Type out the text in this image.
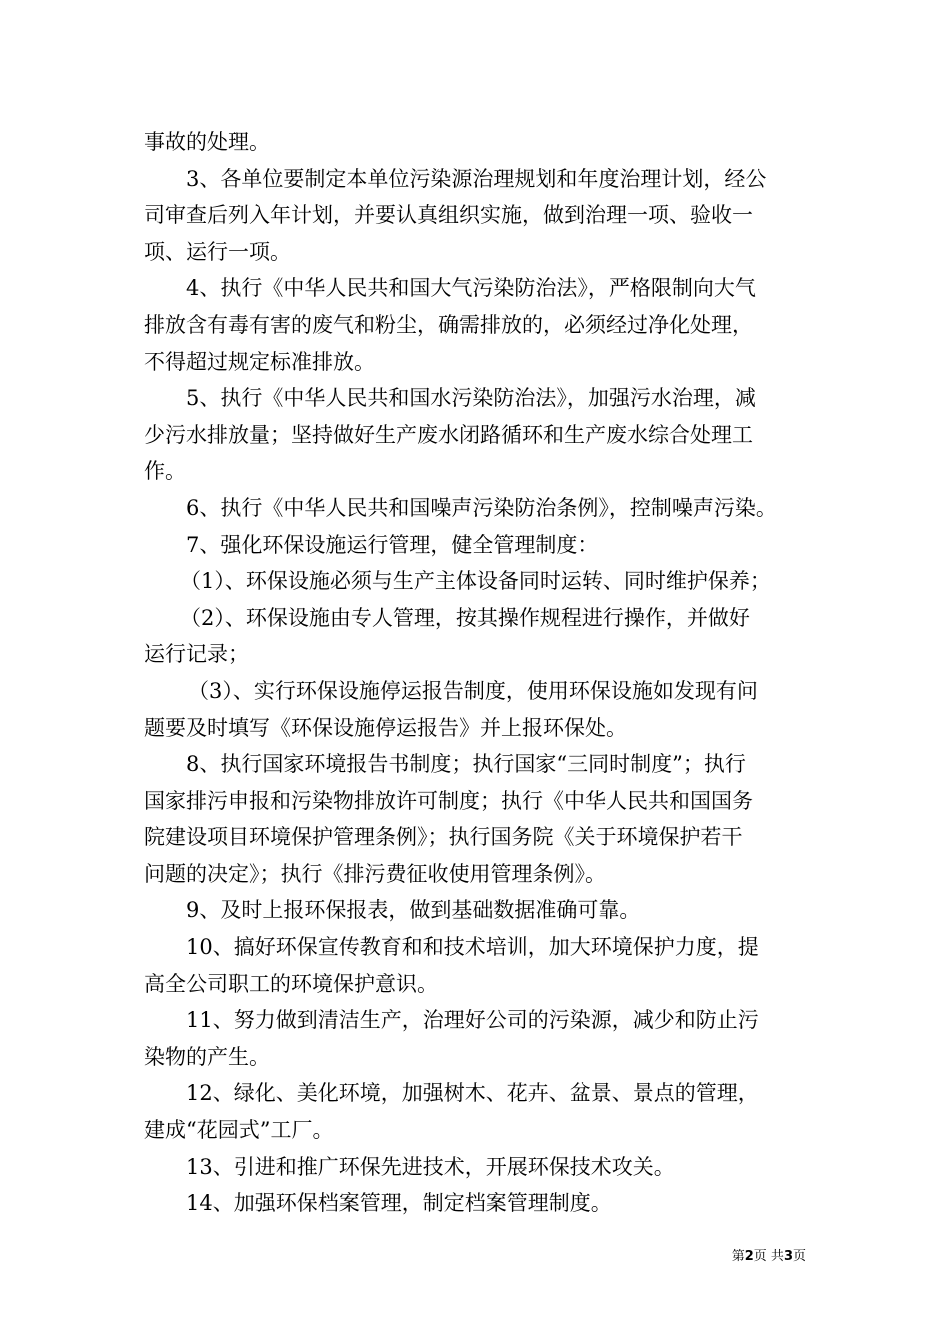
事故的处理。

3、各单位要制定本单位污染源治理规划和年度治理计划，经公
司审查后列入年计划，并要认真组织实施，做到治理一项、验收一
项、运行一项。

4、执行《中华人民共和国大气污染防治法》，严格限制向大气
排放含有毒有害的废气和粉尘，确需排放的，必须经过净化处理，
不得超过规定标准排放。

5、执行《中华人民共和国水污染防治法》，加强污水治理，减
少污水排放量；坚持做好生产废水闭路循环和生产废水综合处理工
作。

6、执行《中华人民共和国噪声污染防治条例》，控制噪声污染。

7、强化环保设施运行管理，健全管理制度：

（1）、环保设施必须与生产主体设备同时运转、同时维护保养；

（2）、环保设施由专人管理，按其操作规程进行操作，并做好
运行记录；

（3）、实行环保设施停运报告制度，使用环保设施如发现有问
题要及时填写《环保设施停运报告》并上报环保处。

8、执行国家环境报告书制度；执行国家“三同时制度”；执行
国家排污申报和污染物排放许可制度；执行《中华人民共和国国务
院建设项目环境保护管理条例》；执行国务院《关于环境保护若干
问题的决定》；执行《排污费征收使用管理条例》。

9、及时上报环保报表，做到基础数据准确可靠。

10、搞好环保宣传教育和和技术培训，加大环境保护力度，提
高全公司职工的环境保护意识。

11、努力做到清洁生产，治理好公司的污染源，减少和防止污
染物的产生。

12、绿化、美化环境，加强树木、花卉、盆景、景点的管理，
建成“花园式”工厂。

13、引进和推广环保先进技术，开展环保技术攻关。

14、加强环保档案管理，制定档案管理制度。

第2页 共3页
